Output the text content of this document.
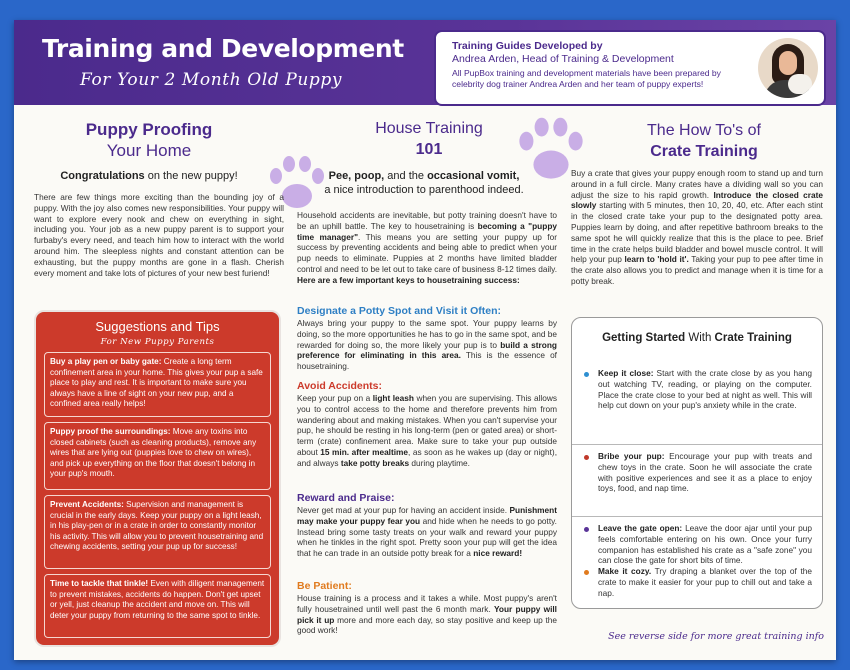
Training and Development
For Your 2 Month Old Puppy
Training Guides Developed by
Andrea Arden, Head of Training & Development
All PupBox training and development materials have been prepared by celebrity dog trainer Andrea Arden and her team of puppy experts!
Puppy Proofing
Your Home
Congratulations on the new puppy!
There are few things more exciting than the bounding joy of a puppy. With the joy also comes new responsibilities. Your puppy will want to explore every nook and chew on everything in sight, including you. Your job as a new puppy parent is to support your furbaby's every need, and teach him how to interact with the world around him. The sleepless nights and constant attention can be exhausting, but the puppy months are gone in a flash. Cherish every moment and take lots of pictures of your new best furiend!
Suggestions and Tips
For New Puppy Parents
Buy a play pen or baby gate: Create a long term confinement area in your home. This gives your pup a safe place to play and rest. It is important to make sure you always have a line of sight on your new pup, and a confined area really helps!
Puppy proof the surroundings: Move any toxins into closed cabinets (such as cleaning products), remove any wires that are lying out (puppies love to chew on wires), and pick up everything on the floor that doesn't belong in your pup's mouth.
Prevent Accidents: Supervision and management is crucial in the early days. Keep your puppy on a light leash, in his play-pen or in a crate in order to constantly monitor his activity. This will allow you to prevent housetraining and chewing accidents, setting your pup up for success!
Time to tackle that tinkle! Even with diligent management to prevent mistakes, accidents do happen. Don't get upset or yell, just cleanup the accident and move on. This will deter your puppy from returning to the same spot to tinkle.
House Training
101
Pee, poop, and the occasional vomit,
a nice introduction to parenthood indeed.
Household accidents are inevitable, but potty training doesn't have to be an uphill battle. The key to housetraining is becoming a "puppy time manager". This means you are setting your puppy up for success by preventing accidents and being able to predict when your pup needs to eliminate. Puppies at 2 months have limited bladder control and need to be let out to take care of business 8-12 times daily. Here are a few important keys to housetraining success:
Designate a Potty Spot and Visit it Often:
Always bring your puppy to the same spot. Your puppy learns by doing, so the more opportunities he has to go in the same spot, and be rewarded for doing so, the more likely your pup is to build a strong preference for eliminating in this area. This is the essence of housetraining.
Avoid Accidents:
Keep your pup on a light leash when you are supervising. This allows you to control access to the home and therefore prevents him from wandering about and making mistakes. When you can't supervise your pup, he should be resting in his long-term (pen or gated area) or short-term (crate) confinement area. Make sure to take your pup outside about 15 min. after mealtime, as soon as he wakes up (day or night), and always take potty breaks during playtime.
Reward and Praise:
Never get mad at your pup for having an accident inside. Punishment may make your puppy fear you and hide when he needs to go potty. Instead bring some tasty treats on your walk and reward your puppy when he tinkles in the right spot. Pretty soon your pup will get the idea that he can trade in an outside potty break for a nice reward!
Be Patient:
House training is a process and it takes a while. Most puppy's aren't fully housetrained until well past the 6 month mark. Your puppy will pick it up more and more each day, so stay positive and keep up the good work!
The How To's of
Crate Training
Buy a crate that gives your puppy enough room to stand up and turn around in a full circle. Many crates have a dividing wall so you can adjust the size to his rapid growth. Introduce the closed crate slowly starting with 5 minutes, then 10, 20, 40, etc. After each stint in the closed crate take your pup to the designated potty area. Puppies learn by doing, and after repetitive bathroom breaks to the same spot he will quickly realize that this is the place to pee. Brief time in the crate helps build bladder and bowel muscle control. It will help your pup learn to 'hold it'. Taking your pup to pee after time in the crate also allows you to predict and manage when it is time for a potty break.
Getting Started With Crate Training
Keep it close: Start with the crate close by as you hang out watching TV, reading, or playing on the computer. Place the crate close to your bed at night as well. This will help cut down on your pup's anxiety while in the crate.
Bribe your pup: Encourage your pup with treats and chew toys in the crate. Soon he will associate the crate with positive experiences and see it as a place to enjoy toys, food, and nap time.
Leave the gate open: Leave the door ajar until your pup feels comfortable entering on his own. Once your furry companion has established his crate as a "safe zone" you can close the gate for short bits of time.
Make it cozy. Try draping a blanket over the top of the crate to make it easier for your pup to chill out and take a nap.
See reverse side for more great training info
